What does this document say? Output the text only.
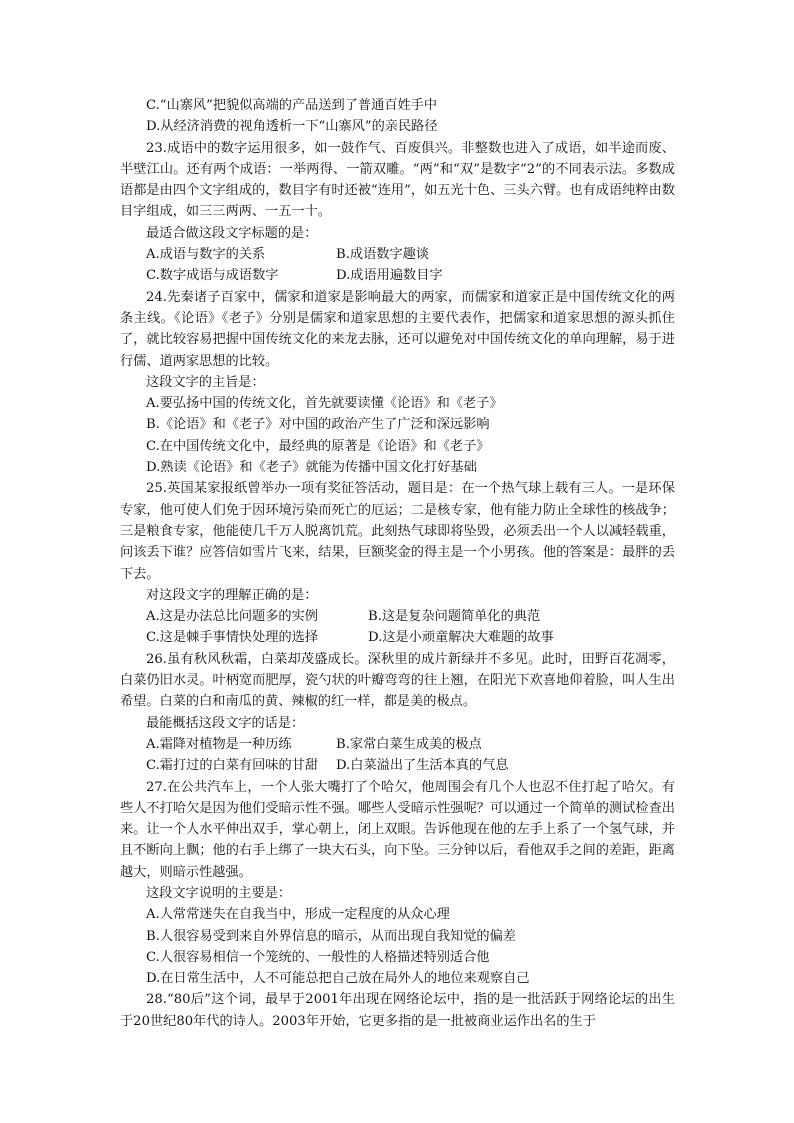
C.“山寨风”把貌似高端的产品送到了普通百姓手中
D.从经济消费的视角透析一下“山寨风”的亲民路径
23.成语中的数字运用很多，如一鼓作气、百废俱兴。非整数也进入了成语，如半途而废、半壁江山。还有两个成语：一举两得、一箭双雕。“两”和“双”是数字“2”的不同表示法。多数成语都是由四个文字组成的，数目字有时还被“连用”，如五光十色、三头六臂。也有成语纯粹由数目字组成，如三三两两、一五一十。
最适合做这段文字标题的是：
A.成语与数字的关系	B.成语数字趣谈
C.数字成语与成语数字	D.成语用遍数目字
24.先秦诸子百家中，儒家和道家是影响最大的两家，而儒家和道家正是中国传统文化的两条主线。《论语》《老子》分别是儒家和道家思想的主要代表作，把儒家和道家思想的源头抓住了，就比较容易把握中国传统文化的来龙去脉，还可以避免对中国传统文化的单向理解，易于进行儒、道两家思想的比较。
这段文字的主旨是：
A.要弘扬中国的传统文化，首先就要读懂《论语》和《老子》
B.《论语》和《老子》对中国的政治产生了广泛和深远影响
C.在中国传统文化中，最经典的原著是《论语》和《老子》
D.熟读《论语》和《老子》就能为传播中国文化打好基础
25.英国某家报纸曾举办一项有奖征答活动，题目是：在一个热气球上载有三人。一是环保专家，他可使人们免于因环境污染而死亡的厄运；二是核专家，他有能力防止全球性的核战争；三是粮食专家，他能使几千万人脱离饥荒。此刻热气球即将坠毁，必须丢出一个人以减轻载重，问该丢下谁？应答信如雪片飞来，结果，巨额奖金的得主是一个小男孩。他的答案是：最胖的丢下去。
对这段文字的理解正确的是：
A.这是办法总比问题多的实例	B.这是复杂问题简单化的典范
C.这是棘手事情快处理的选择	D.这是小顽童解决大难题的故事
26.虽有秋风秋霜，白菜却茂盛成长。深秋里的成片新绿并不多见。此时，田野百花凋零，白菜仍旧水灵。叶柄宽而肥厚，瓷勺状的叶瓣弯弯的往上翘，在阳光下欢喜地仰着脸，叫人生出希望。白菜的白和南瓜的黄、辣椒的红一样，都是美的极点。
最能概括这段文字的话是：
A.霜降对植物是一种历练	B.家常白菜生成美的极点
C.霜打过的白菜有回味的甘甜	D.白菜溢出了生活本真的气息
27.在公共汽车上，一个人张大嘴打了个哈欠，他周围会有几个人也忍不住打起了哈欠。有些人不打哈欠是因为他们受暗示性不强。哪些人受暗示性强呢？可以通过一个简单的测试检查出来。让一个人水平伸出双手，掌心朝上，闭上双眼。告诉他现在他的左手上系了一个氢气球，并且不断向上飘；他的右手上绑了一块大石头，向下坠。三分钟以后，看他双手之间的差距，距离越大，则暗示性越强。
这段文字说明的主要是：
A.人常常迷失在自我当中，形成一定程度的从众心理
B.人很容易受到来自外界信息的暗示，从而出现自我知觉的偏差
C.人很容易相信一个笼统的、一般性的人格描述特别适合他
D.在日常生活中，人不可能总把自己放在局外人的地位来观察自己
28.“80后”这个词，最早于2001年出现在网络论坛中，指的是一批活跃于网络论坛的出生于20世纪80年代的诗人。2003年开始，它更多指的是一批被商业运作出名的生于
